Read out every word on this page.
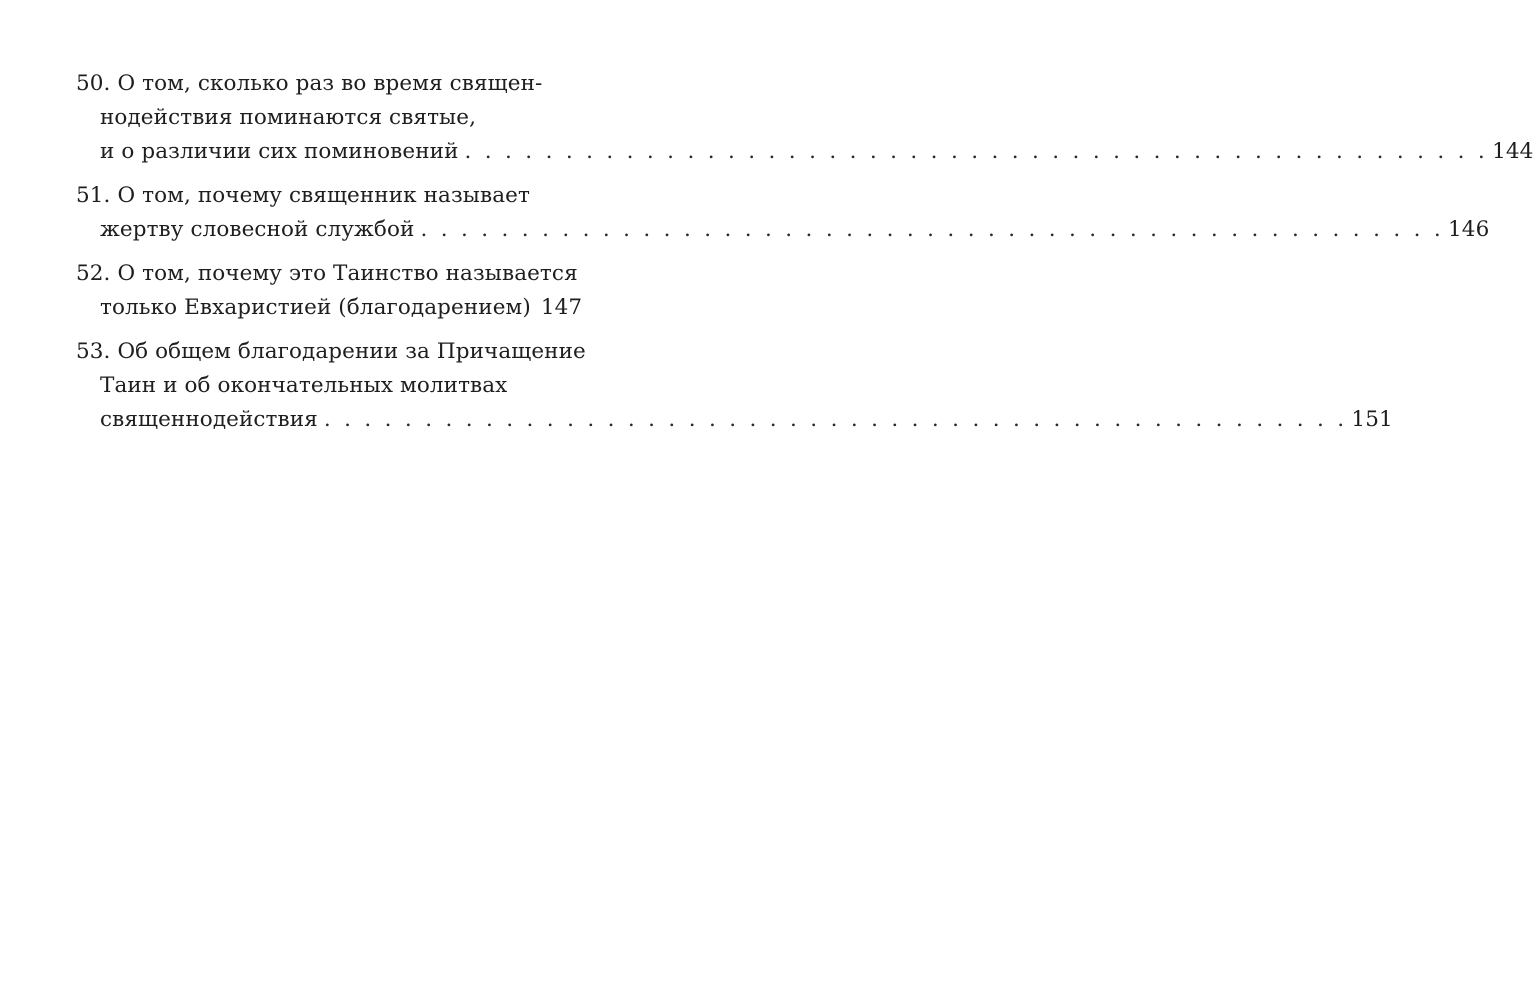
50. О том, сколько раз во время священ-
нодействия поминаются святые,
и о различии сих поминовений . . . . . . . . . . . . . . . . . . . . . . . . . . . . . . . . . . . . . . . . . . . . . . . . . . . 144
51. О том, почему священник называет
жертву словесной службой . . . . . . . . . . . . . . . . . . . . . . . . . . . . . . . . . . . . . . . . . . . . . . . . . . . 146
52. О том, почему это Таинство называется
только Евхаристией (благодарением) 147
53. Об общем благодарении за Причащение
Таин и об окончательных молитвах
священнодействия . . . . . . . . . . . . . . . . . . . . . . . . . . . . . . . . . . . . . . . . . . . . . . . . . . . 151
